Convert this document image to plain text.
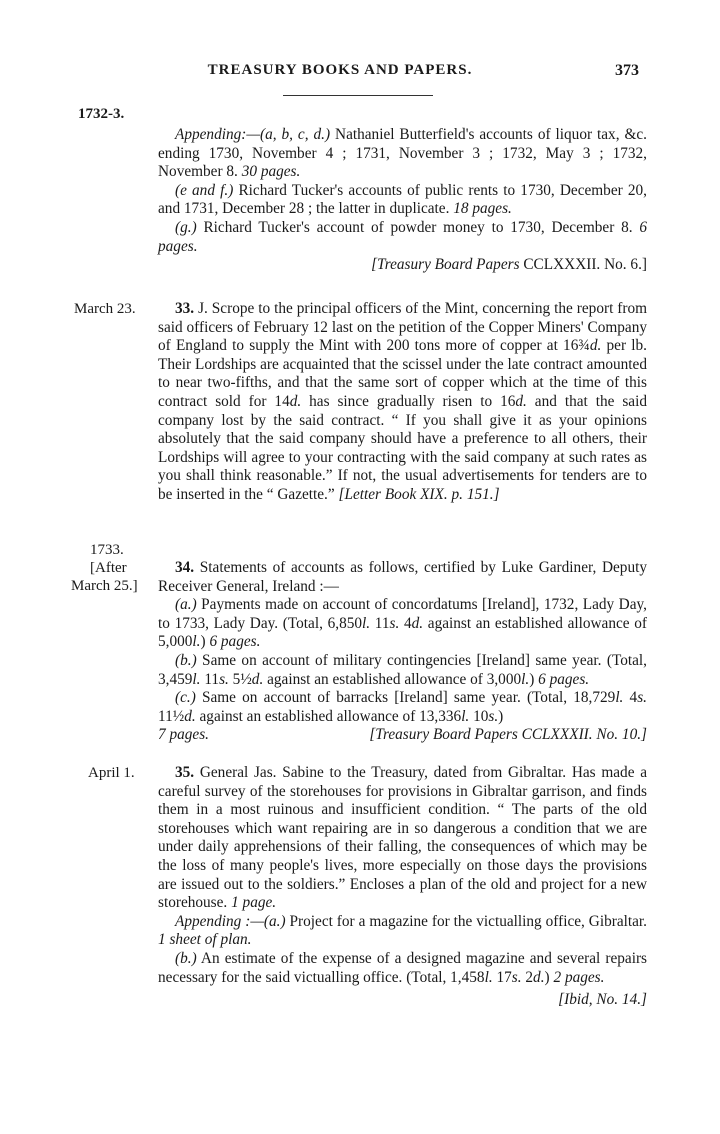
TREASURY BOOKS AND PAPERS.	373
1732-3.

Appending:—(a, b, c, d.) Nathaniel Butterfield's accounts of liquor tax, &c. ending 1730, November 4 ; 1731, November 3 ; 1732, May 3 ; 1732, November 8. 30 pages.

(e and f.) Richard Tucker's accounts of public rents to 1730, December 20, and 1731, December 28 ; the latter in duplicate. 18 pages.

(g.) Richard Tucker's account of powder money to 1730, December 8. 6 pages.

[Treasury Board Papers CCLXXXII. No. 6.]

March 23.	33. J. Scrope to the principal officers of the Mint, concerning the report from said officers of February 12 last on the petition of the Copper Miners' Company of England to supply the Mint with 200 tons more of copper at 16¾d. per lb. Their Lordships are acquainted that the scissel under the late contract amounted to near two-fifths, and that the same sort of copper which at the time of this contract sold for 14d. has since gradually risen to 16d. and that the said company lost by the said contract. “ If you shall give it as your opinions absolutely that the said company should have a preference to all others, their Lordships will agree to your contracting with the said company at such rates as you shall think reasonable.” If not, the usual advertisements for tenders are to be inserted in the “ Gazette.” [Letter Book XIX. p. 151.]

1733.
[After
March 25.]

34. Statements of accounts as follows, certified by Luke Gardiner, Deputy Receiver General, Ireland :—

(a.) Payments made on account of concordatums [Ireland], 1732, Lady Day, to 1733, Lady Day. (Total, 6,850l. 11s. 4d. against an established allowance of 5,000l.) 6 pages.

(b.) Same on account of military contingencies [Ireland] same year. (Total, 3,459l. 11s. 5½d. against an established allowance of 3,000l.) 6 pages.

(c.) Same on account of barracks [Ireland] same year. (Total, 18,729l. 4s. 11½d. against an established allowance of 13,336l. 10s.)

7 pages.	[Treasury Board Papers CCLXXXII. No. 10.]

April 1.	35. General Jas. Sabine to the Treasury, dated from Gibraltar. Has made a careful survey of the storehouses for provisions in Gibraltar garrison, and finds them in a most ruinous and insufficient condition. “ The parts of the old storehouses which want repairing are in so dangerous a condition that we are under daily apprehensions of their falling, the consequences of which may be the loss of many people's lives, more especially on those days the provisions are issued out to the soldiers.” Encloses a plan of the old and project for a new storehouse. 1 page.

Appending :—(a.) Project for a magazine for the victualling office, Gibraltar. 1 sheet of plan.

(b.) An estimate of the expense of a designed magazine and several repairs necessary for the said victualling office. (Total, 1,458l. 17s. 2d.) 2 pages.

[Ibid, No. 14.]
